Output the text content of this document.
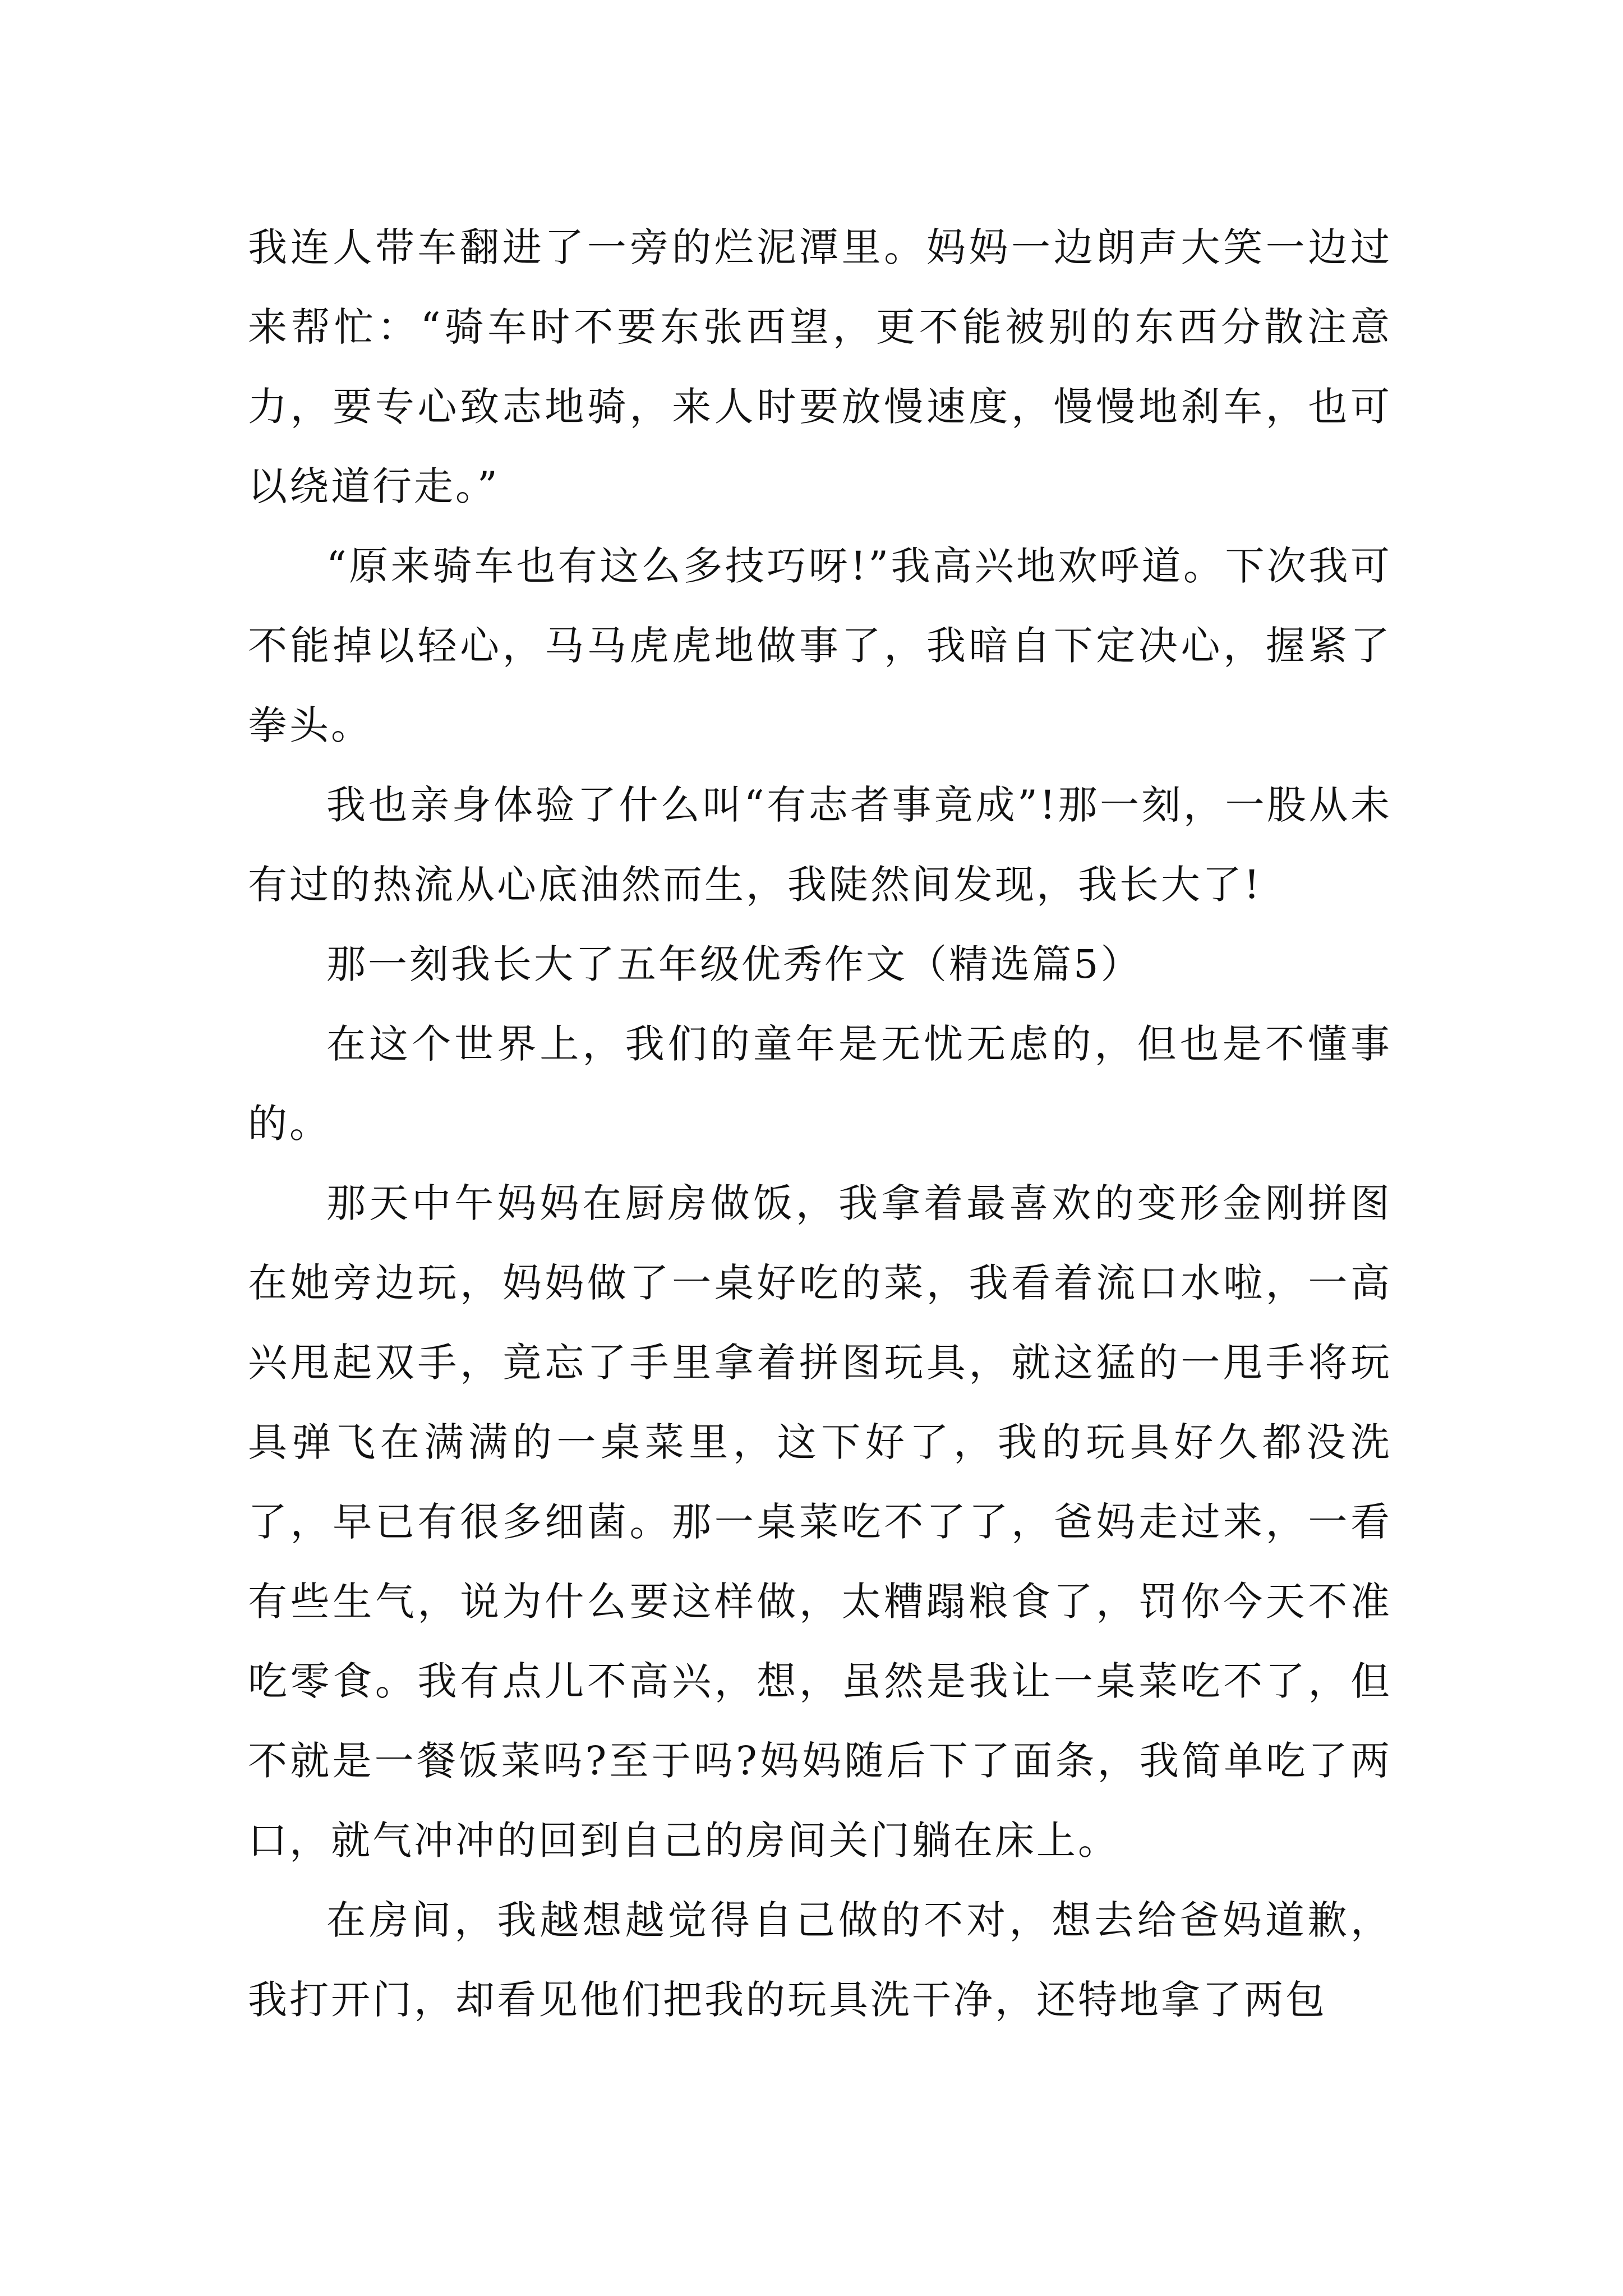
我连人带车翻进了一旁的烂泥潭里。妈妈一边朗声大笑一边过来帮忙：“骑车时不要东张西望，更不能被别的东西分散注意力，要专心致志地骑，来人时要放慢速度，慢慢地刹车，也可以绕道行走。”

“原来骑车也有这么多技巧呀!”我高兴地欢呼道。下次我可不能掉以轻心，马马虎虎地做事了，我暗自下定决心，握紧了拳头。

我也亲身体验了什么叫“有志者事竟成”!那一刻，一股从未有过的热流从心底油然而生，我陡然间发现，我长大了!

那一刻我长大了五年级优秀作文（精选篇5）

在这个世界上，我们的童年是无忧无虑的，但也是不懂事的。

那天中午妈妈在厨房做饭，我拿着最喜欢的变形金刚拼图在她旁边玩，妈妈做了一桌好吃的菜，我看着流口水啦，一高兴甩起双手，竟忘了手里拿着拼图玩具，就这猛的一甩手将玩具弹飞在满满的一桌菜里，这下好了，我的玩具好久都没洗了，早已有很多细菌。那一桌菜吃不了了，爸妈走过来，一看有些生气，说为什么要这样做，太糟蹋粮食了，罚你今天不准吃零食。我有点儿不高兴，想，虽然是我让一桌菜吃不了，但不就是一餐饭菜吗?至于吗?妈妈随后下了面条，我简单吃了两口，就气冲冲的回到自己的房间关门躺在床上。

在房间，我越想越觉得自己做的不对，想去给爸妈道歉，我打开门，却看见他们把我的玩具洗干净，还特地拿了两包
